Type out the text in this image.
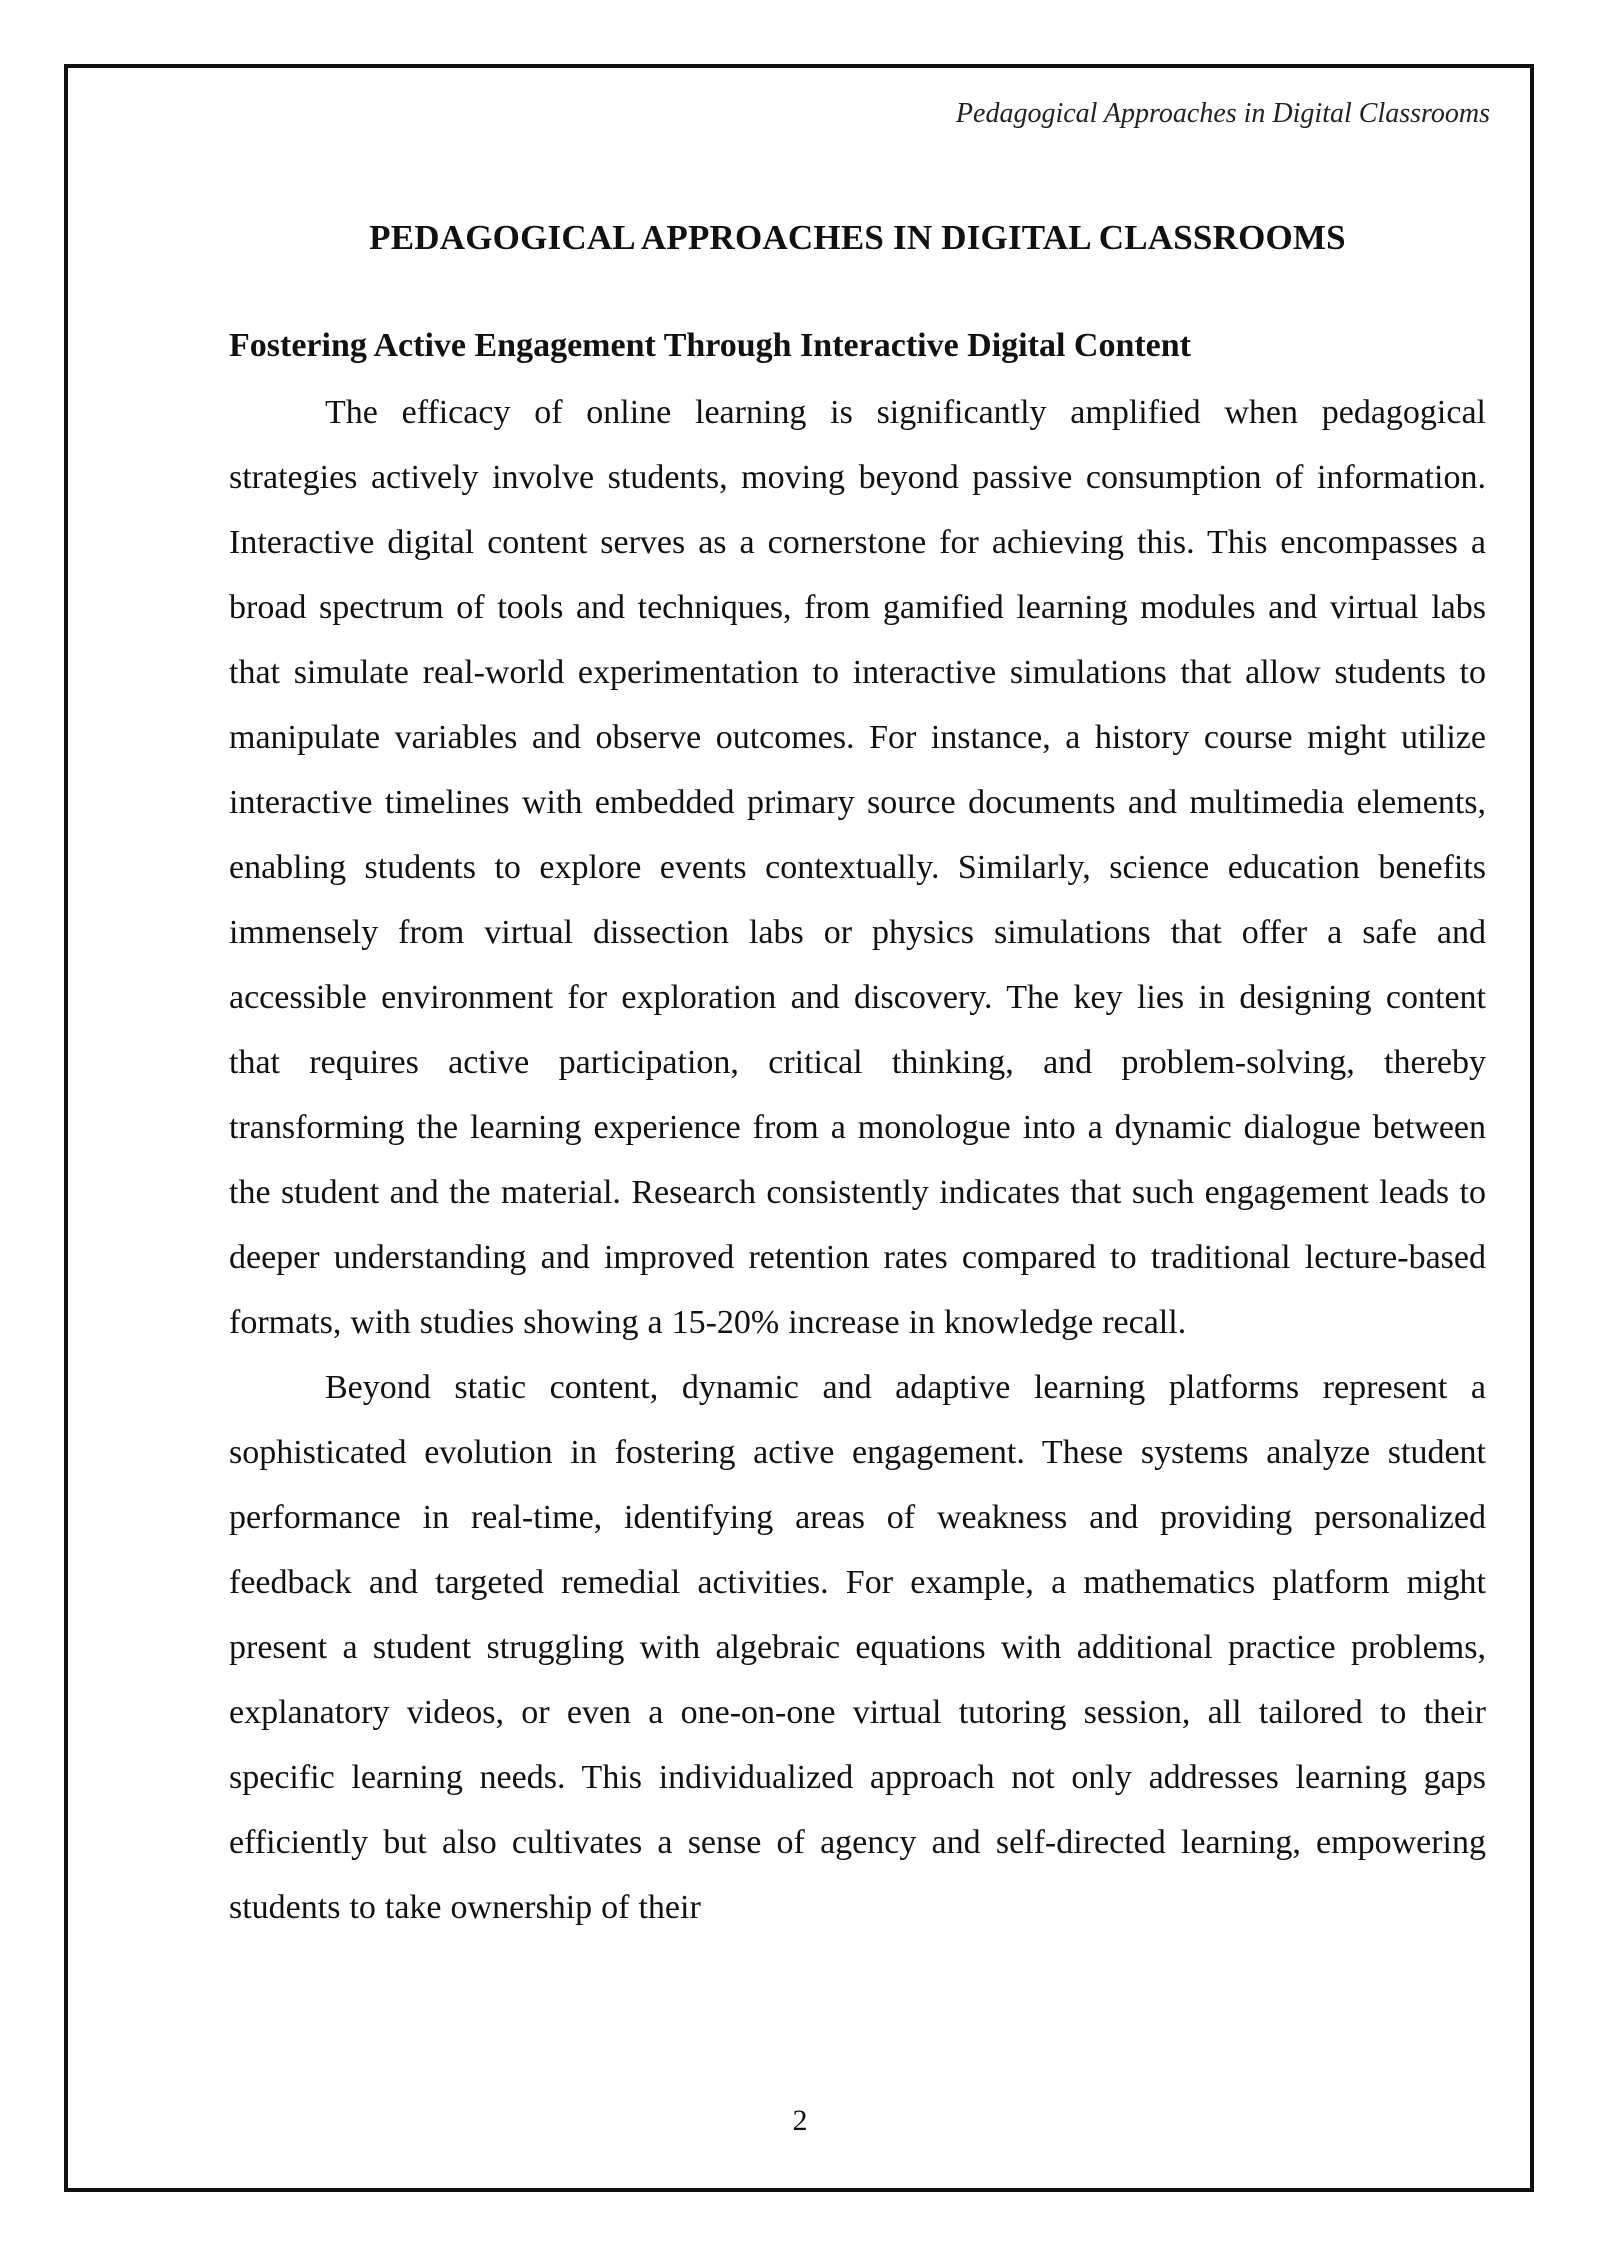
Pedagogical Approaches in Digital Classrooms
PEDAGOGICAL APPROACHES IN DIGITAL CLASSROOMS
Fostering Active Engagement Through Interactive Digital Content

The efficacy of online learning is significantly amplified when pedagogical strategies actively involve students, moving beyond passive consumption of information. Interactive digital content serves as a cornerstone for achieving this. This encompasses a broad spectrum of tools and techniques, from gamified learning modules and virtual labs that simulate real-world experimentation to interactive simulations that allow students to manipulate variables and observe outcomes. For instance, a history course might utilize interactive timelines with embedded primary source documents and multimedia elements, enabling students to explore events contextually. Similarly, science education benefits immensely from virtual dissection labs or physics simulations that offer a safe and accessible environment for exploration and discovery. The key lies in designing content that requires active participation, critical thinking, and problem-solving, thereby transforming the learning experience from a monologue into a dynamic dialogue between the student and the material. Research consistently indicates that such engagement leads to deeper understanding and improved retention rates compared to traditional lecture-based formats, with studies showing a 15-20% increase in knowledge recall.

Beyond static content, dynamic and adaptive learning platforms represent a sophisticated evolution in fostering active engagement. These systems analyze student performance in real-time, identifying areas of weakness and providing personalized feedback and targeted remedial activities. For example, a mathematics platform might present a student struggling with algebraic equations with additional practice problems, explanatory videos, or even a one-on-one virtual tutoring session, all tailored to their specific learning needs. This individualized approach not only addresses learning gaps efficiently but also cultivates a sense of agency and self-directed learning, empowering students to take ownership of their

2
